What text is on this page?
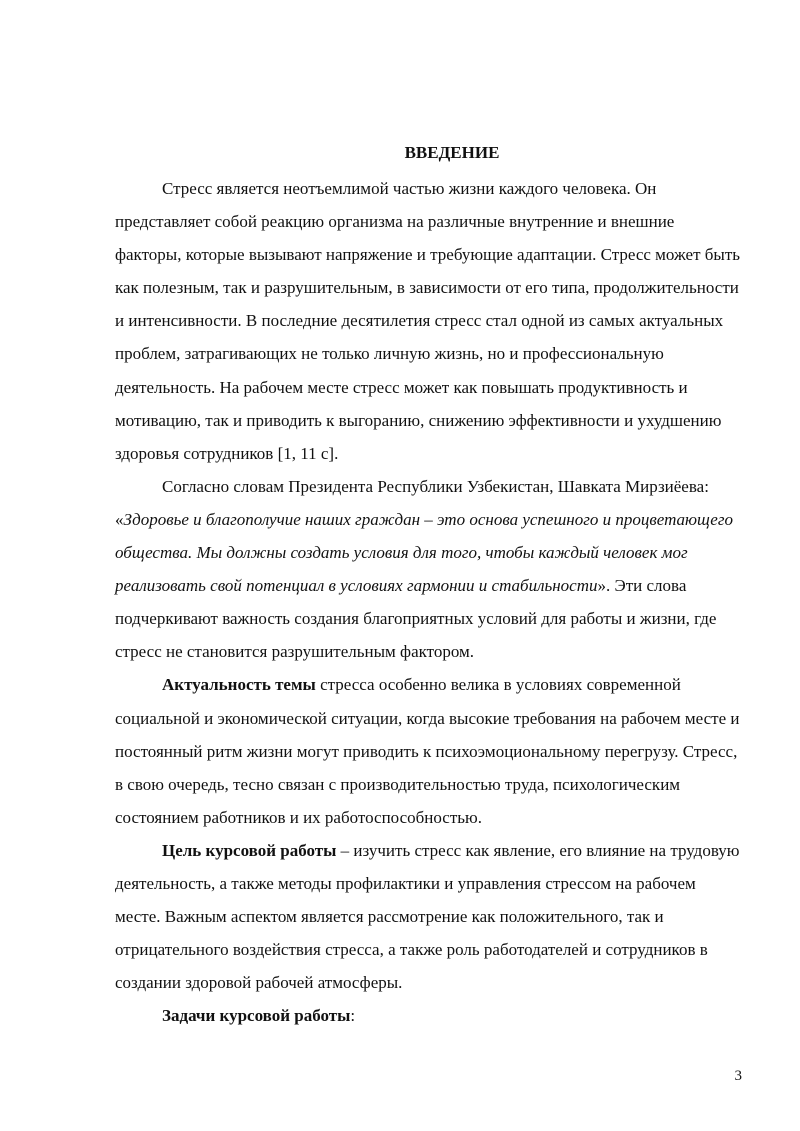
ВВЕДЕНИЕ

Стресс является неотъемлимой частью жизни каждого человека. Он представляет собой реакцию организма на различные внутренние и внешние факторы, которые вызывают напряжение и требующие адаптации. Стресс может быть как полезным, так и разрушительным, в зависимости от его типа, продолжительности и интенсивности. В последние десятилетия стресс стал одной из самых актуальных проблем, затрагивающих не только личную жизнь, но и профессиональную деятельность. На рабочем месте стресс может как повышать продуктивность и мотивацию, так и приводить к выгоранию, снижению эффективности и ухудшению здоровья сотрудников [1, 11 с].

Согласно словам Президента Республики Узбекистан, Шавката Мирзиёева: «Здоровье и благополучие наших граждан – это основа успешного и процветающего общества. Мы должны создать условия для того, чтобы каждый человек мог реализовать свой потенциал в условиях гармонии и стабильности». Эти слова подчеркивают важность создания благоприятных условий для работы и жизни, где стресс не становится разрушительным фактором.

Актуальность темы стресса особенно велика в условиях современной социальной и экономической ситуации, когда высокие требования на рабочем месте и постоянный ритм жизни могут приводить к психоэмоциональному перегрузу. Стресс, в свою очередь, тесно связан с производительностью труда, психологическим состоянием работников и их работоспособностью.

Цель курсовой работы – изучить стресс как явление, его влияние на трудовую деятельность, а также методы профилактики и управления стрессом на рабочем месте. Важным аспектом является рассмотрение как положительного, так и отрицательного воздействия стресса, а также роль работодателей и сотрудников в создании здоровой рабочей атмосферы.

Задачи курсовой работы:

3
